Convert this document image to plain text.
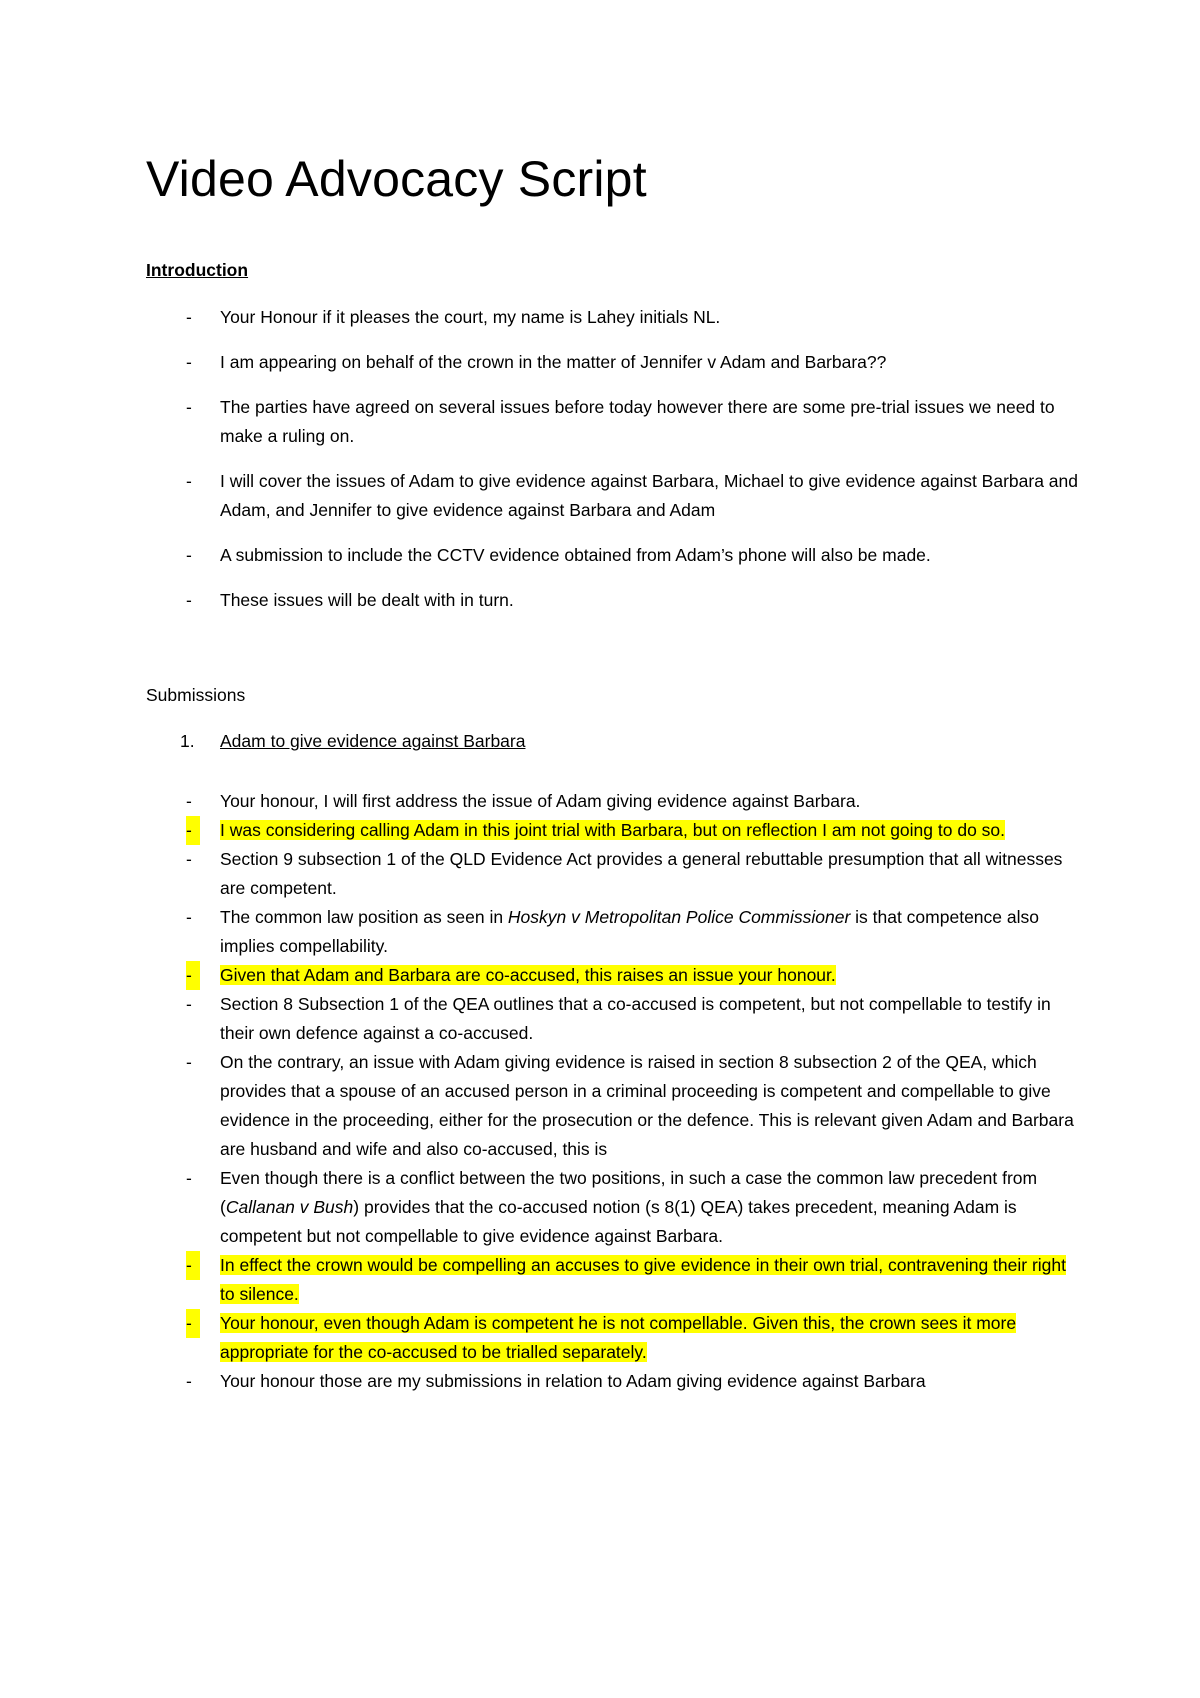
Video Advocacy Script
Introduction
-	Your Honour if it pleases the court, my name is Lahey initials NL.
-	I am appearing on behalf of the crown in the matter of Jennifer v Adam and Barbara??
-	The parties have agreed on several issues before today however there are some pre-trial issues we need to make a ruling on.
-	I will cover the issues of Adam to give evidence against Barbara, Michael to give evidence against Barbara and Adam, and Jennifer to give evidence against Barbara and Adam
-	A submission to include the CCTV evidence obtained from Adam’s phone will also be made.
-	These issues will be dealt with in turn.
Submissions
1. Adam to give evidence against Barbara
-	Your honour, I will first address the issue of Adam giving evidence against Barbara.
-	I was considering calling Adam in this joint trial with Barbara, but on reflection I am not going to do so.
-	Section 9 subsection 1 of the QLD Evidence Act provides a general rebuttable presumption that all witnesses are competent.
-	The common law position as seen in Hoskyn v Metropolitan Police Commissioner is that competence also implies compellability.
-	Given that Adam and Barbara are co-accused, this raises an issue your honour.
-	Section 8 Subsection 1 of the QEA outlines that a co-accused is competent, but not compellable to testify in their own defence against a co-accused.
-	On the contrary, an issue with Adam giving evidence is raised in section 8 subsection 2 of the QEA, which provides that a spouse of an accused person in a criminal proceeding is competent and compellable to give evidence in the proceeding, either for the prosecution or the defence. This is relevant given Adam and Barbara are husband and wife and also co-accused, this is
-	Even though there is a conflict between the two positions, in such a case the common law precedent from (Callanan v Bush) provides that the co-accused notion (s 8(1) QEA) takes precedent, meaning Adam is competent but not compellable to give evidence against Barbara.
-	In effect the crown would be compelling an accuses to give evidence in their own trial, contravening their right to silence.
-	Your honour, even though Adam is competent he is not compellable. Given this, the crown sees it more appropriate for the co-accused to be trialled separately.
-	Your honour those are my submissions in relation to Adam giving evidence against Barbara
